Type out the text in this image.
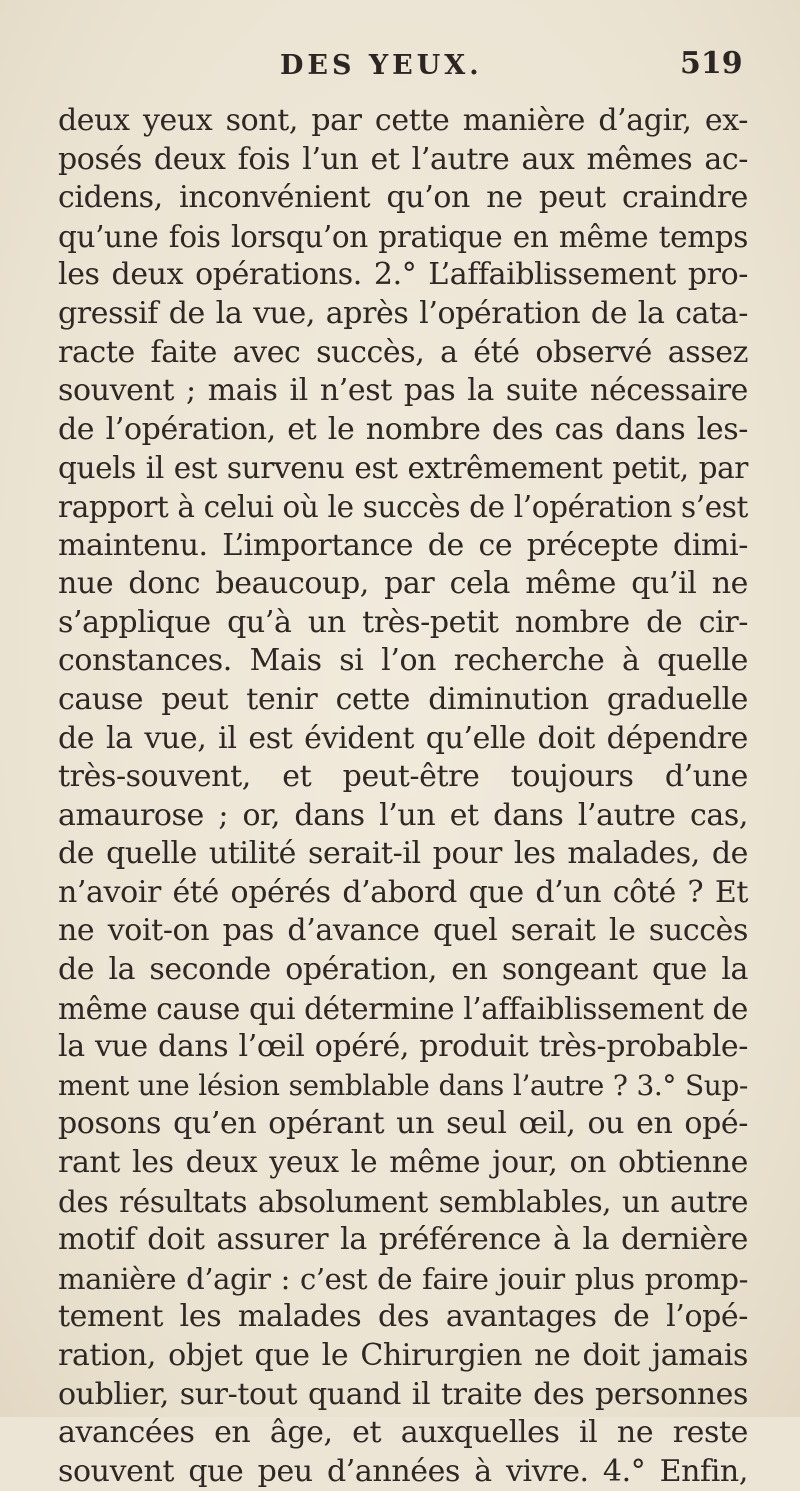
DES YEUX.	519
deux yeux sont, par cette manière d’agir, ex-
posés deux fois l’un et l’autre aux mêmes ac-
cidens, inconvénient qu’on ne peut craindre
qu’une fois lorsqu’on pratique en même temps
les deux opérations. 2.° L’affaiblissement pro-
gressif de la vue, après l’opération de la cata-
racte faite avec succès, a été observé assez
souvent ; mais il n’est pas la suite nécessaire
de l’opération, et le nombre des cas dans les-
quels il est survenu est extrêmement petit, par
rapport à celui où le succès de l’opération s’est
maintenu. L’importance de ce précepte dimi-
nue donc beaucoup, par cela même qu’il ne
s’applique qu’à un très-petit nombre de cir-
constances. Mais si l’on recherche à quelle
cause peut tenir cette diminution graduelle
de la vue, il est évident qu’elle doit dépendre
très-souvent, et peut-être toujours d’une
amaurose ; or, dans l’un et dans l’autre cas,
de quelle utilité serait-il pour les malades, de
n’avoir été opérés d’abord que d’un côté ? Et
ne voit-on pas d’avance quel serait le succès
de la seconde opération, en songeant que la
même cause qui détermine l’affaiblissement de
la vue dans l’œil opéré, produit très-probable-
ment une lésion semblable dans l’autre ? 3.° Sup-
posons qu’en opérant un seul œil, ou en opé-
rant les deux yeux le même jour, on obtienne
des résultats absolument semblables, un autre
motif doit assurer la préférence à la dernière
manière d’agir : c’est de faire jouir plus promp-
tement les malades des avantages de l’opé-
ration, objet que le Chirurgien ne doit jamais
oublier, sur-tout quand il traite des personnes
avancées en âge, et auxquelles il ne reste
souvent que peu d’années à vivre. 4.° Enfin,
